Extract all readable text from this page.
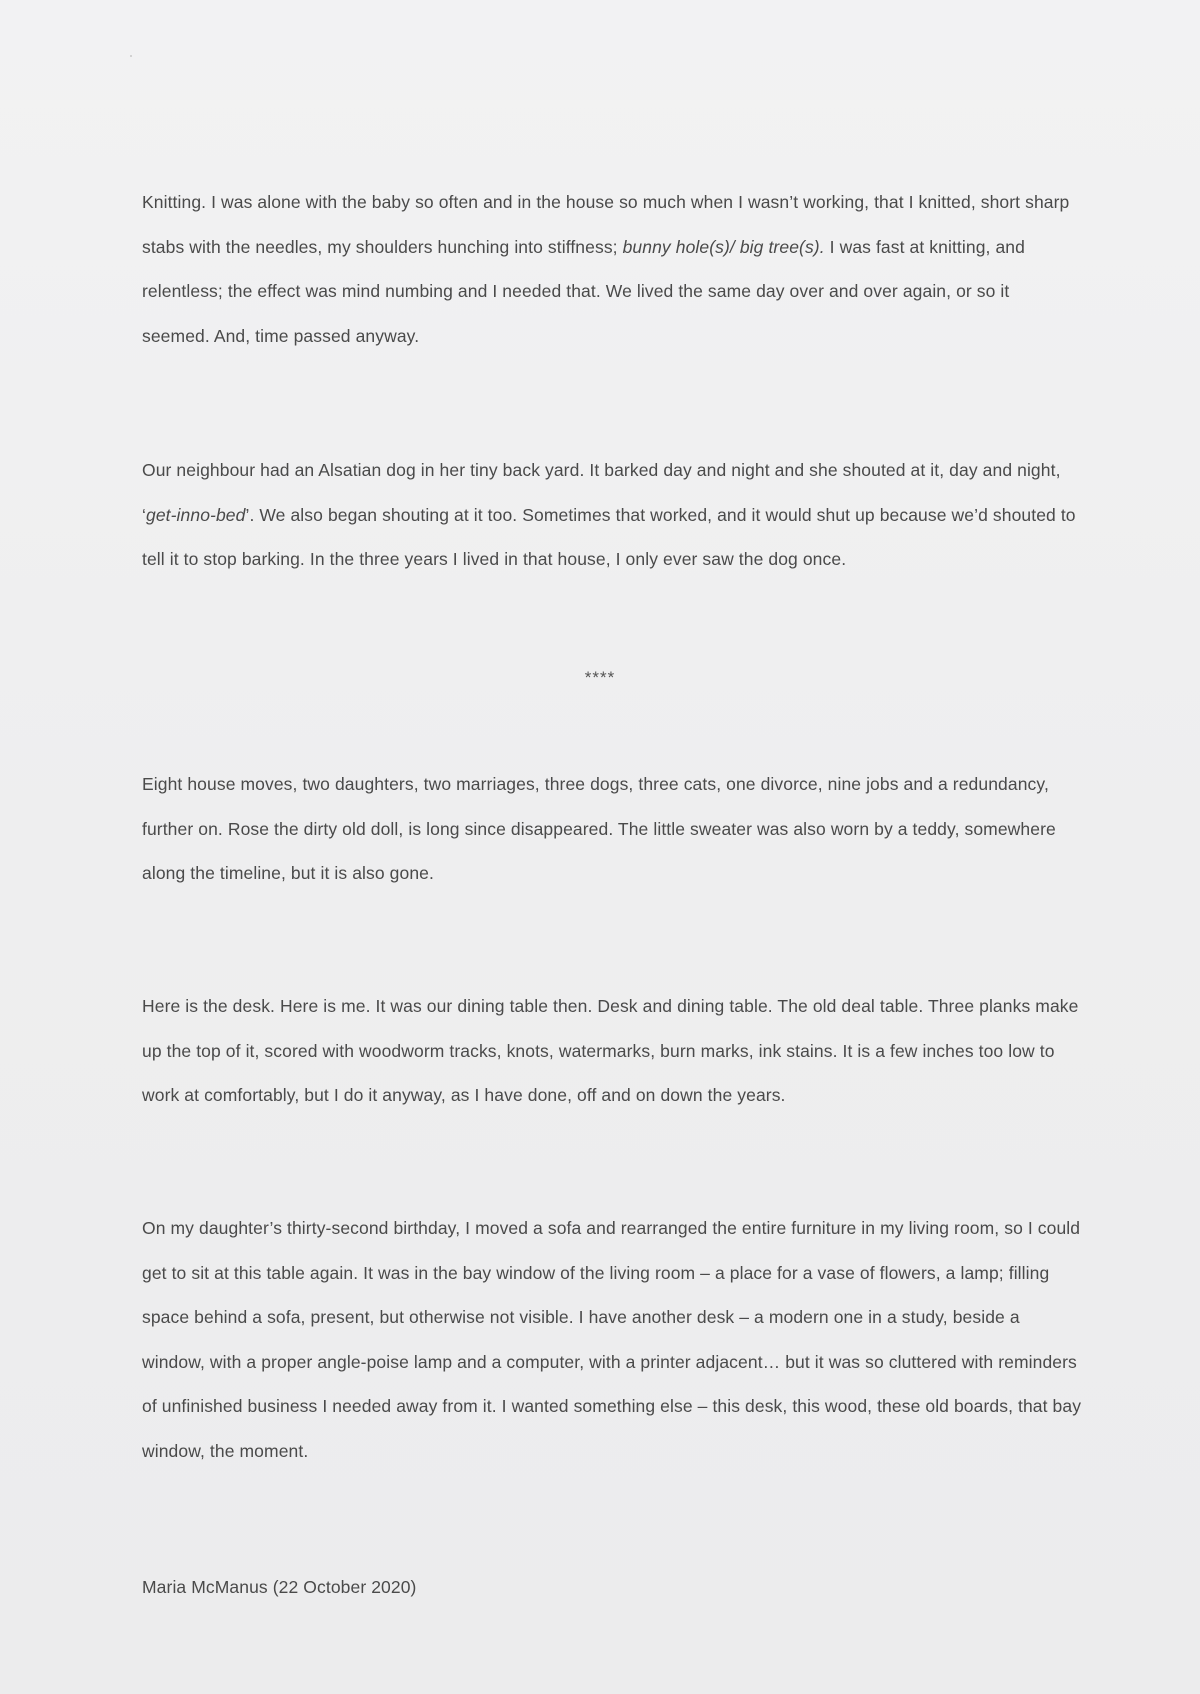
Knitting. I was alone with the baby so often and in the house so much when I wasn’t working, that I knitted, short sharp stabs with the needles, my shoulders hunching into stiffness; bunny hole(s)/ big tree(s). I was fast at knitting, and relentless; the effect was mind numbing and I needed that. We lived the same day over and over again, or so it seemed. And, time passed anyway.

Our neighbour had an Alsatian dog in her tiny back yard. It barked day and night and she shouted at it, day and night, ‘get-inno-bed’. We also began shouting at it too. Sometimes that worked, and it would shut up because we’d shouted to tell it to stop barking. In the three years I lived in that house, I only ever saw the dog once.

****

Eight house moves, two daughters, two marriages, three dogs, three cats, one divorce, nine jobs and a redundancy, further on. Rose the dirty old doll, is long since disappeared. The little sweater was also worn by a teddy, somewhere along the timeline, but it is also gone.

Here is the desk. Here is me. It was our dining table then. Desk and dining table. The old deal table. Three planks make up the top of it, scored with woodworm tracks, knots, watermarks, burn marks, ink stains. It is a few inches too low to work at comfortably, but I do it anyway, as I have done, off and on down the years.

On my daughter’s thirty-second birthday, I moved a sofa and rearranged the entire furniture in my living room, so I could get to sit at this table again. It was in the bay window of the living room – a place for a vase of flowers, a lamp; filling space behind a sofa, present, but otherwise not visible. I have another desk – a modern one in a study, beside a window, with a proper angle-poise lamp and a computer, with a printer adjacent… but it was so cluttered with reminders of unfinished business I needed away from it. I wanted something else – this desk, this wood, these old boards, that bay window, the moment.

Maria McManus (22 October 2020)
